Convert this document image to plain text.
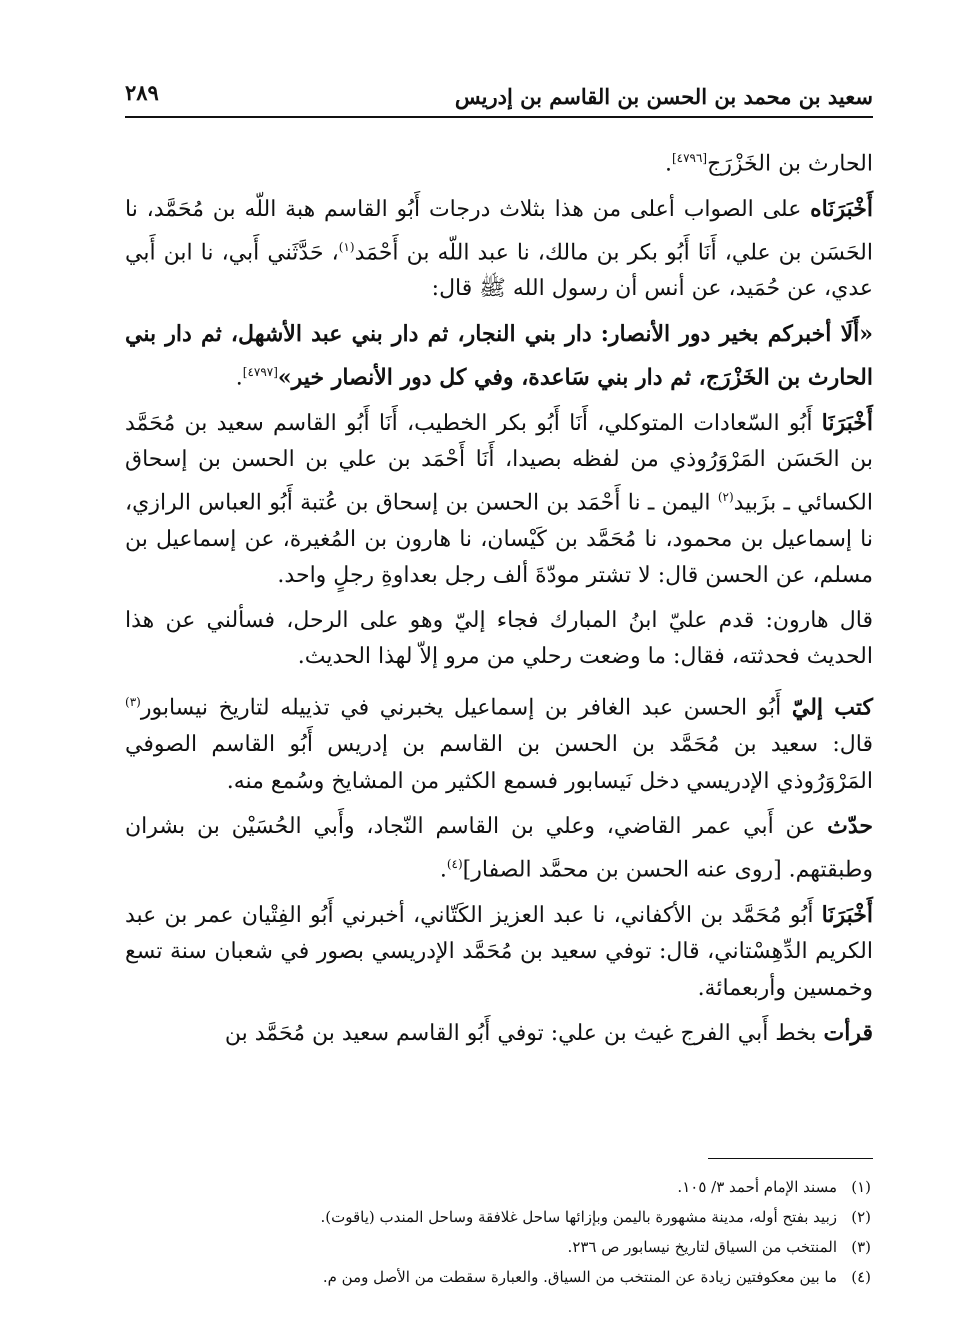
سعيد بن محمد بن الحسن بن القاسم بن إدريس
٢٨٩

الحارث بن الخَزْرَج[٤٧٩٦].

أَخْبَرَنَاه على الصواب أعلى من هذا بثلاث درجات أَبُو القاسم هبة اللّه بن مُحَمَّد، نا الحَسَن بن علي، أَنَا أَبُو بكر بن مالك، نا عبد اللّه بن أَحْمَد$^{(١)}$، حَدَّثَني أَبي، نا ابن أَبي عدي، عن حُمَيد، عن أنس أن رسول الله ﷺ قال:

«أَلَا أخبركم بخير دور الأنصار: دار بني النجار، ثم دار بني عبد الأشهل، ثم دار بني الحارث بن الخَزْرَج، ثم دار بني سَاعدة، وفي كل دور الأنصار خير»[٤٧٩٧].

أَخْبَرَنَا أَبُو السّعادات المتوكلي، أَنَا أَبُو بكر الخطيب، أَنَا أَبُو القاسم سعيد بن مُحَمَّد بن الحَسَن المَرْوَرُوذي من لفظه بصيدا، أَنَا أَحْمَد بن علي بن الحسن بن إسحاق الكسائي ـ بزَبيد$^{(٢)}$ اليمن ـ نا أَحْمَد بن الحسن بن إسحاق بن عُتبة أَبُو العباس الرازي، نا إسماعيل بن محمود، نا مُحَمَّد بن كَيْسان، نا هارون بن المُغيرة، عن إسماعيل بن مسلم، عن الحسن قال: لا تشتر مودّةَ ألف رجل بعداوةِ رجلٍ واحد.

قال هارون: قدم عليّ ابنُ المبارك فجاء إليّ وهو على الرحل، فسألني عن هذا الحديث فحدثته، فقال: ما وضعت رحلي من مرو إلاّ لهذا الحديث.

كتب إليّ أَبُو الحسن عبد الغافر بن إسماعيل يخبرني في تذييله لتاريخ نيسابور$^{(٣)}$ قال: سعيد بن مُحَمَّد بن الحسن بن القاسم بن إدريس أَبُو القاسم الصوفي المَرْوَرُوذي الإدريسي دخل نَيسابور فسمع الكثير من المشايخ وسُمع منه.

حدّث عن أَبي عمر القاضي، وعلي بن القاسم النّجاد، وأَبي الحُسَيْن بن بشران وطبقتهم. [روى عنه الحسن بن محمَّد الصفار]$^{(٤)}$.

أَخْبَرَنَا أَبُو مُحَمَّد بن الأكفاني، نا عبد العزيز الكَتّاني، أخبرني أَبُو الفِتْيان عمر بن عبد الكريم الدِّهِسْتاني، قال: توفي سعيد بن مُحَمَّد الإدريسي بصور في شعبان سنة تسع وخمسين وأربعمائة.

قرأت بخط أَبي الفرج غيث بن علي: توفي أَبُو القاسم سعيد بن مُحَمَّد بن

(١)مسند الإمام أحمد ٣/ ١٠٥.
(٢)زبيد بفتح أوله، مدينة مشهورة باليمن وبإزائها ساحل غلافقة وساحل المندب (ياقوت).
(٣)المنتخب من السياق لتاريخ نيسابور ص ٢٣٦.
(٤)ما بين معكوفتين زيادة عن المنتخب من السياق. والعبارة سقطت من الأصل ومن م.
